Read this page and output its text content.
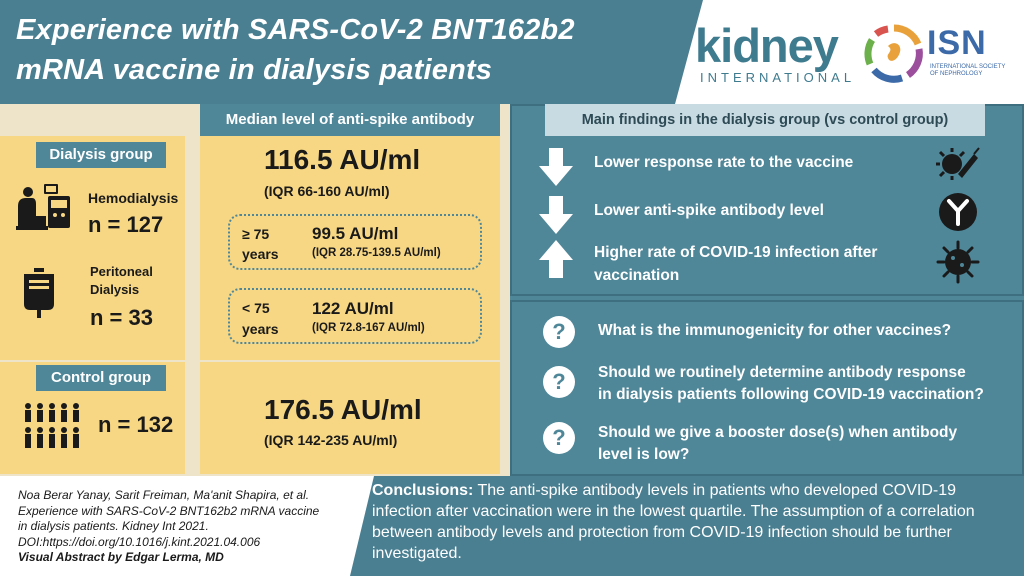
Experience with SARS-CoV-2 BNT162b2
mRNA vaccine in dialysis patients	kidney
INTERNATIONAL
ISN
INTERNATIONAL SOCIETY OF NEPHROLOGY
Median level of anti-spike antibody
Dialysis group
Hemodialysis
n = 127
Peritoneal
Dialysis
n = 33
116.5 AU/ml
(IQR 66-160 AU/ml)
≥ 75
years
99.5 AU/ml
(IQR 28.75-139.5 AU/ml)
< 75
years
122 AU/ml
(IQR 72.8-167 AU/ml)
Control group
n = 132	176.5 AU/ml
(IQR 142-235 AU/ml)
Main findings in the dialysis group (vs control group)
Lower response rate to the vaccine
Lower anti-spike antibody level
Higher rate of COVID-19 infection after
vaccination
?	What is the immunogenicity for other vaccines?
?	Should we routinely determine antibody response
in dialysis patients following COVID-19 vaccination?
?	Should we give a booster dose(s) when antibody
level is low?
Noa Berar Yanay, Sarit Freiman, Ma'anit Shapira, et al.
Experience with SARS-CoV-2 BNT162b2 mRNA vaccine
in dialysis patients. Kidney Int 2021.
DOI:https://doi.org/10.1016/j.kint.2021.04.006
Visual Abstract by Edgar Lerma, MD
Conclusions: The anti-spike antibody levels in patients who developed COVID-19 infection after vaccination were in the lowest quartile. The assumption of a correlation between antibody levels and protection from COVID-19 infection should be further investigated.
